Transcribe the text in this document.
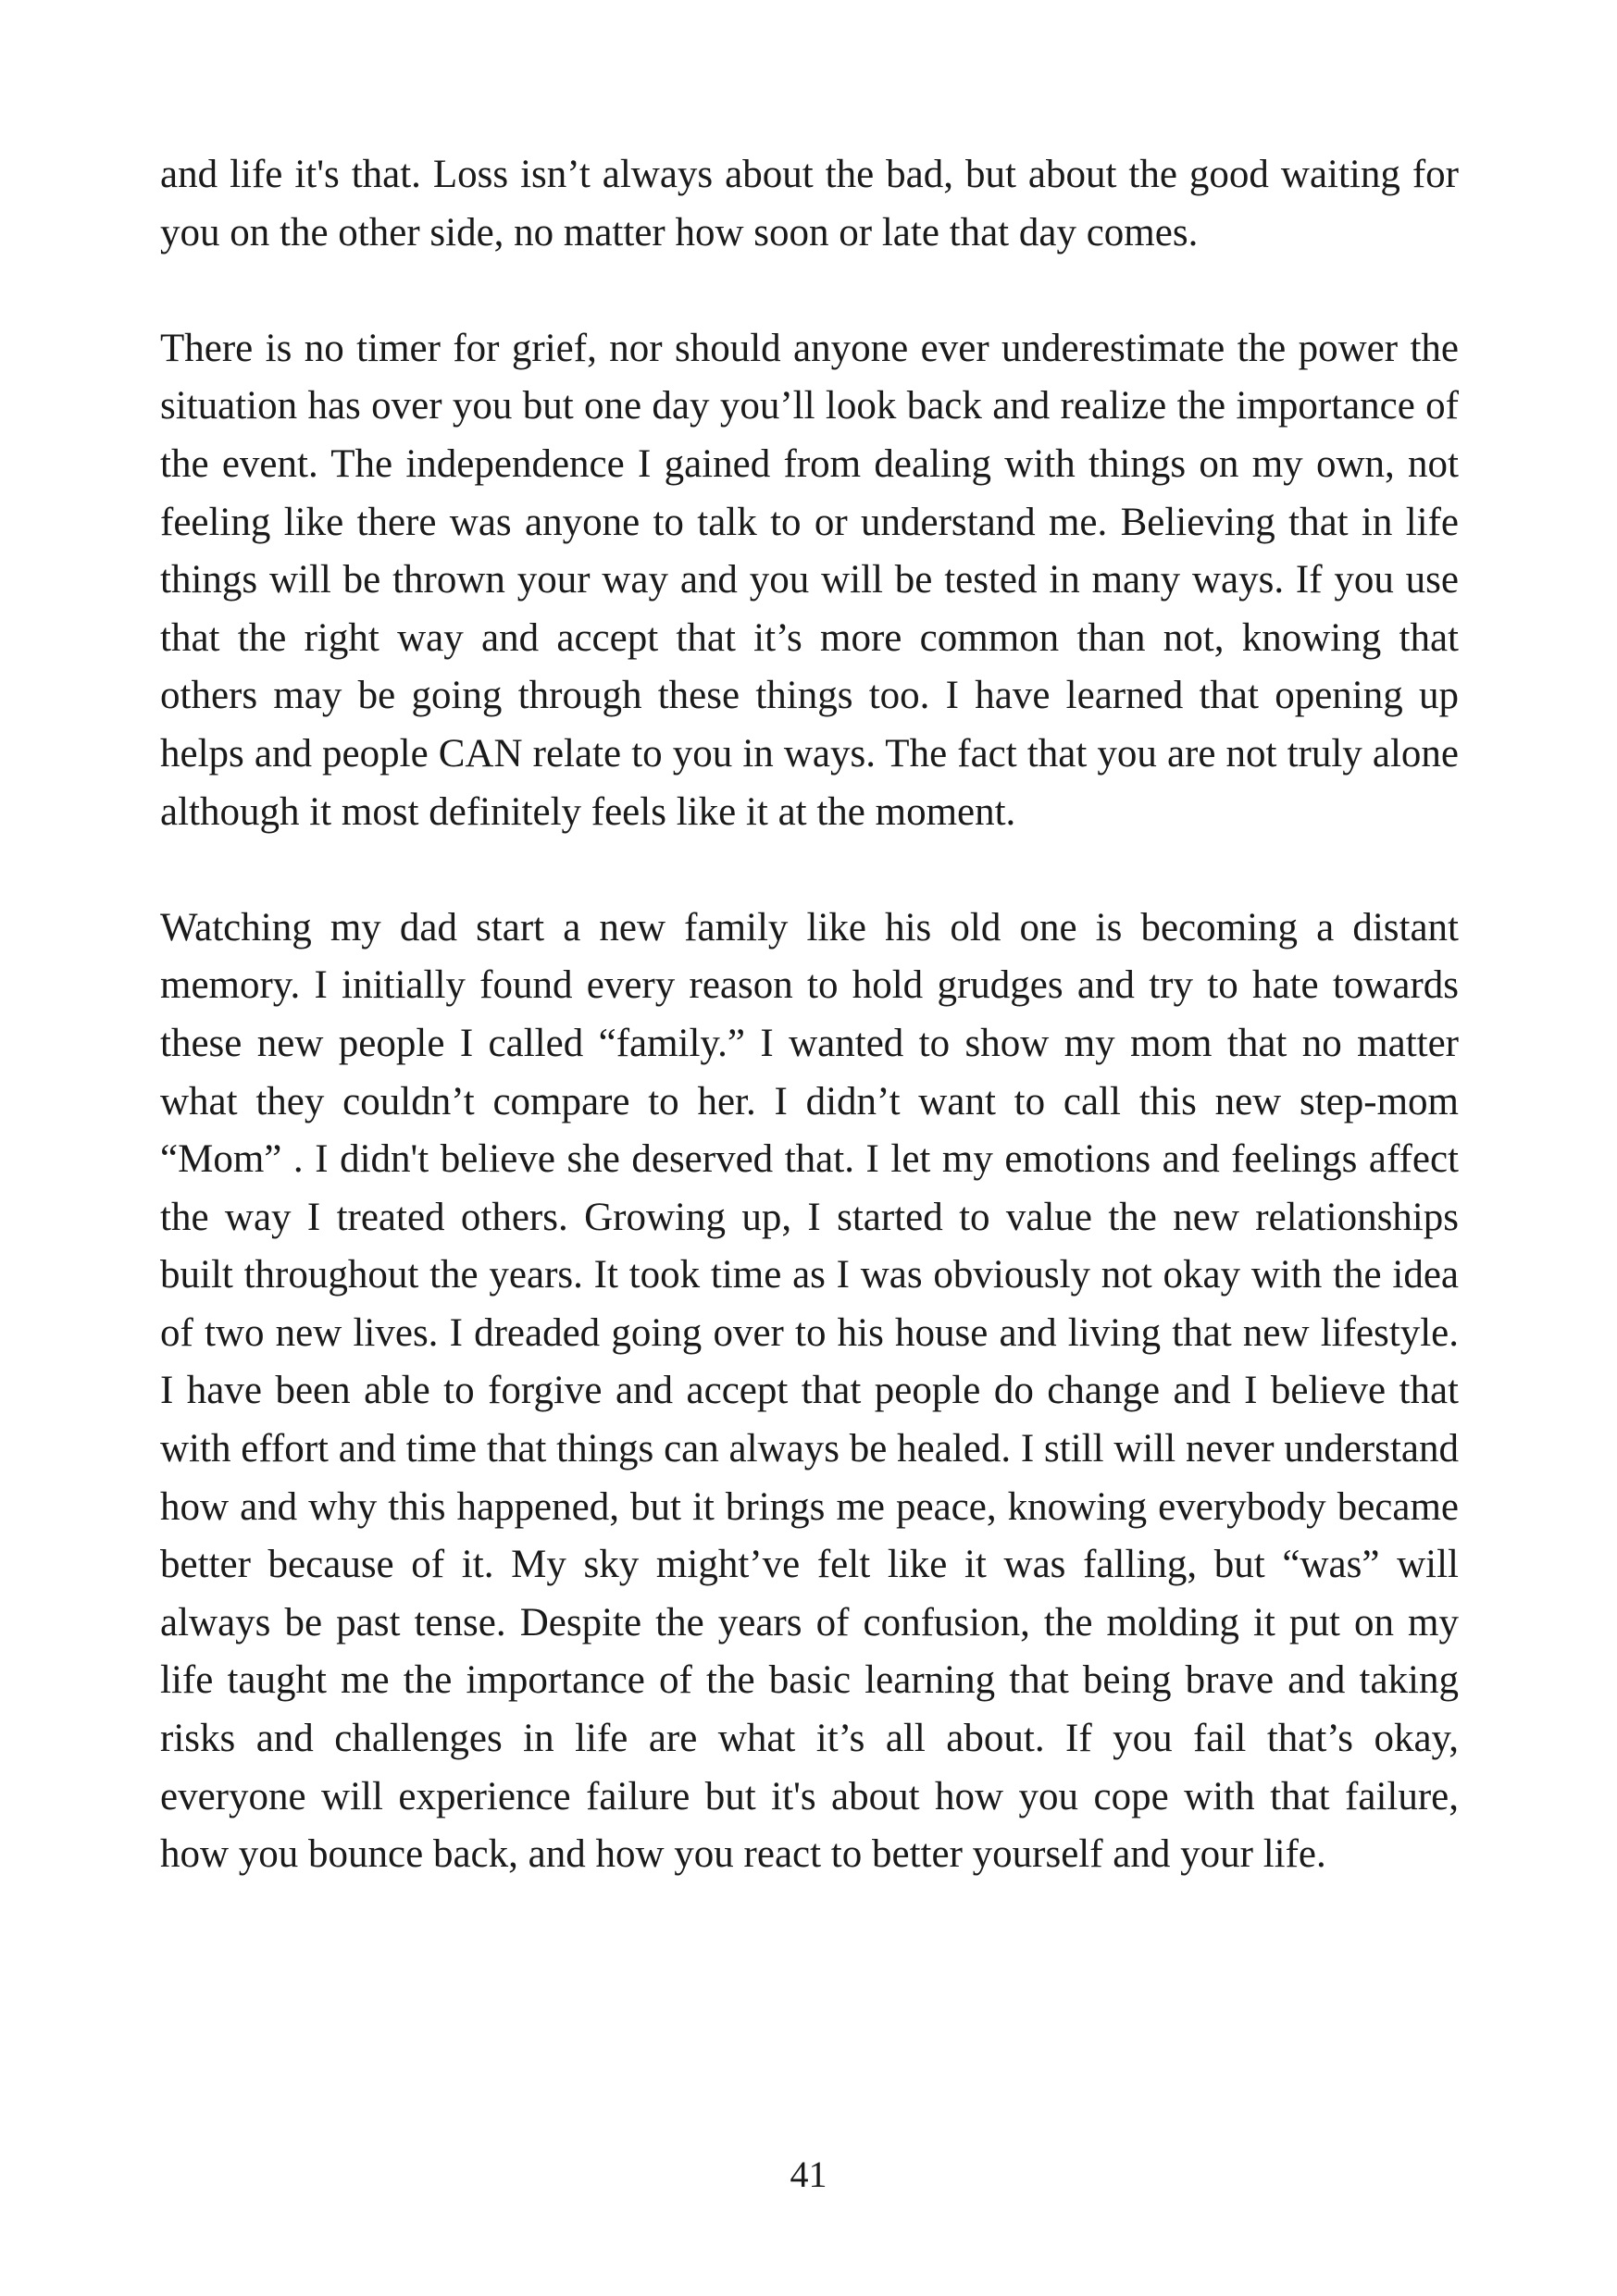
and life it's that. Loss isn’t always about the bad, but about the good waiting for you on the other side, no matter how soon or late that day comes.

There is no timer for grief, nor should anyone ever underestimate the power the situation has over you but one day you’ll look back and realize the importance of the event. The independence I gained from dealing with things on my own, not feeling like there was anyone to talk to or understand me. Believing that in life things will be thrown your way and you will be tested in many ways. If you use that the right way and accept that it’s more common than not, knowing that others may be going through these things too. I have learned that opening up helps and people CAN relate to you in ways. The fact that you are not truly alone although it most definitely feels like it at the moment.

Watching my dad start a new family like his old one is becoming a distant memory. I initially found every reason to hold grudges and try to hate towards these new people I called “family.” I wanted to show my mom that no matter what they couldn’t compare to her. I didn’t want to call this new step-mom “Mom” . I didn't believe she deserved that. I let my emotions and feelings affect the way I treated others. Growing up, I started to value the new relationships built throughout the years. It took time as I was obviously not okay with the idea of two new lives. I dreaded going over to his house and living that new lifestyle. I have been able to forgive and accept that people do change and I believe that with effort and time that things can always be healed. I still will never understand how and why this happened, but it brings me peace, knowing everybody became better because of it. My sky might’ve felt like it was falling, but “was” will always be past tense. Despite the years of confusion, the molding it put on my life taught me the importance of the basic learning that being brave and taking risks and challenges in life are what it’s all about. If you fail that’s okay, everyone will experience failure but it's about how you cope with that failure, how you bounce back, and how you react to better yourself and your life.

41
